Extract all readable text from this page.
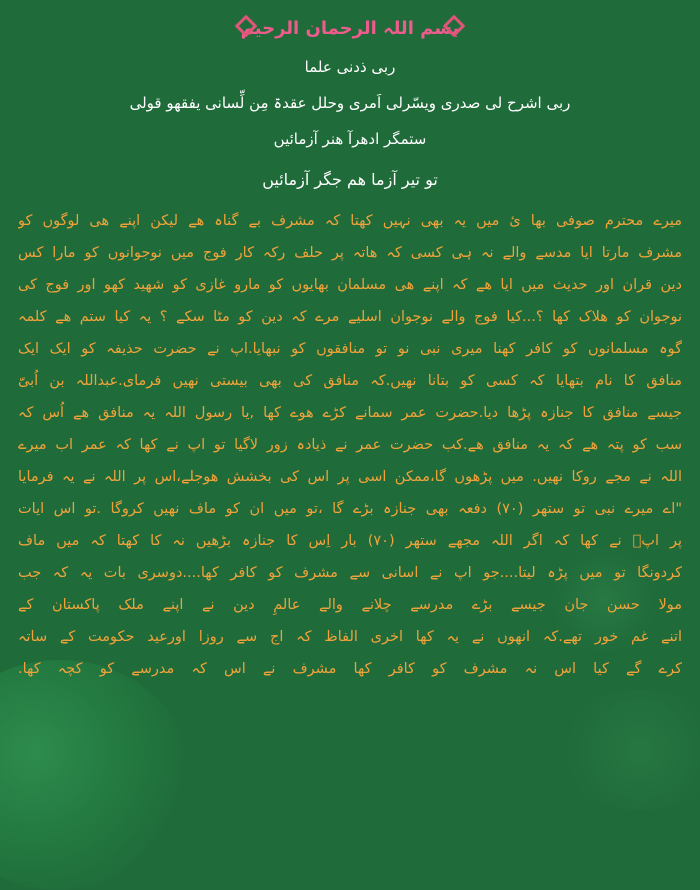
بسم اللہ الرحمان الرحیم
ربی ذدنی علما
ربی اشرح لی صدری ویسّرلی اَمری وحلل عقدۃ مِن لِّسانی یفقھو قولی
ستمگر ادھرآ ھنر آزمائیں
تو تیر آزما ھم جگر آزمائیں
میرے محترم صوفی بھا ئ میں یہ بھی نہیں کھتا کہ مشرف بے گناہ ھے لیکن اپنے ھی لوگوں کو
مشرف مارتا ایا مدسے والے نہ ہی کسی کہ ھاتہ پر حلف رکہ کار فوج میں نوجوانوں کو مارا کس
دین قران اور حدیث میں ایا ھے کہ اپنے ھی مسلمان بھایوں کو مارو غازی کو شھید کھو اور فوج کی
نوجوان کو ھلاک کھا ؟...کیا فوج والے نوجوان اسلیے مرے کہ دین کو مٹا سکے ؟ یہ کیا ستم ھے کلمہ
گوہ مسلمانوں کو کافر کھنا میری نبی نو تو منافقوں کو نبھایا.اپ نے حضرت حذیفہ کو ایک ایک
منافق کا نام بتھایا کہ کسی کو بتانا نھیں.کہ منافق کی بھی بیستی نھیں فرمای.عبداللہ بن اُبیّ
جیسے منافق کا جنازہ پڑھا دیا.حضرت عمر سمانے کڑے ھوے کھا ,یا رسول اللہ یہ منافق ھے اُس کہ
سب کو پتہ ھے کہ یہ منافق ھے.کب حضرت عمر نے ذیادہ زور لاگیا تو اپ نے کھا کہ عمر اب میرے
اللہ نے مجے روکا نھیں. میں پڑھوں گا،ممکن اسی پر اس کی بخشش ھوجلے،اس پر اللہ نے یہ فرمایا
"اے میرے نبی تو ستھر (٧٠) دفعہ بھی جنازہ بڑے گا ،تو میں ان کو ماف نھیں کروگا .تو اس ایات
پر اپؐ نے کھا کہ اگر اللہ مجھے ستھر (٧٠) بار اِس کا جنازہ بڑھیں نہ کا کھتا کہ میں ماف
کردونگا تو میں پڑہ لیتا....جو اپ نے اسانی سے مشرف کو کافر کھا....دوسری بات یہ کہ جب
مولا حسن جان جیسے بڑے مدرسے چلانے والے عالمِ دین نے اپنے ملک پاکستان کے
اتنے غم خور تھے.کہ انھوں نے یہ کھا اخری الفاظ کہ اج سے روزا اورعید حکومت کے ساتہ
کرے گے کیا اس نہ مشرف کو کافر کھا مشرف نے اس کہ مدرسے کو کچہ کھا.
